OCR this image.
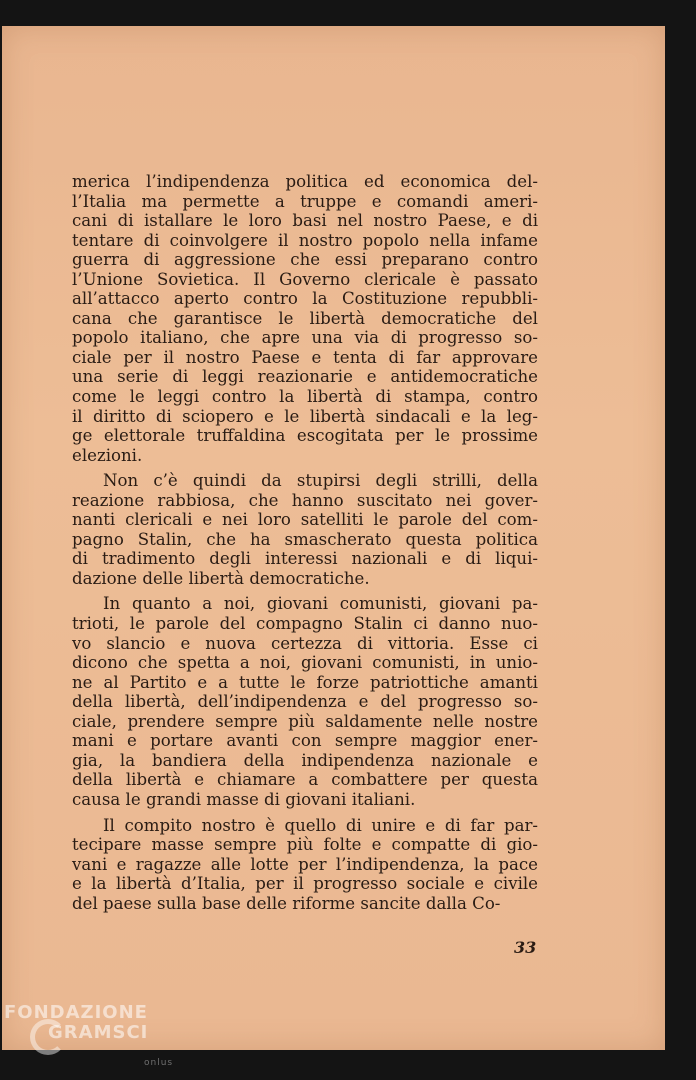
merica l’indipendenza politica ed economica del-
l’Italia ma permette a truppe e comandi ameri-
cani di istallare le loro basi nel nostro Paese, e di
tentare di coinvolgere il nostro popolo nella infame
guerra di aggressione che essi preparano contro
l’Unione Sovietica. Il Governo clericale è passato
all’attacco aperto contro la Costituzione repubbli-
cana che garantisce le libertà democratiche del
popolo italiano, che apre una via di progresso so-
ciale per il nostro Paese e tenta di far approvare
una serie di leggi reazionarie e antidemocratiche
come le leggi contro la libertà di stampa, contro
il diritto di sciopero e le libertà sindacali e la leg-
ge elettorale truffaldina escogitata per le prossime
elezioni.
Non c’è quindi da stupirsi degli strilli, della
reazione rabbiosa, che hanno suscitato nei gover-
nanti clericali e nei loro satelliti le parole del com-
pagno Stalin, che ha smascherato questa politica
di tradimento degli interessi nazionali e di liqui-
dazione delle libertà democratiche.
In quanto a noi, giovani comunisti, giovani pa-
trioti, le parole del compagno Stalin ci danno nuo-
vo slancio e nuova certezza di vittoria. Esse ci
dicono che spetta a noi, giovani comunisti, in unio-
ne al Partito e a tutte le forze patriottiche amanti
della libertà, dell’indipendenza e del progresso so-
ciale, prendere sempre più saldamente nelle nostre
mani e portare avanti con sempre maggior ener-
gia, la bandiera della indipendenza nazionale e
della libertà e chiamare a combattere per questa
causa le grandi masse di giovani italiani.
Il compito nostro è quello di unire e di far par-
tecipare masse sempre più folte e compatte di gio-
vani e ragazze alle lotte per l’indipendenza, la pace
e la libertà d’Italia, per il progresso sociale e civile
del paese sulla base delle riforme sancite dalla Co-
33
FONDAZIONE
GRAMSCI
onlus
